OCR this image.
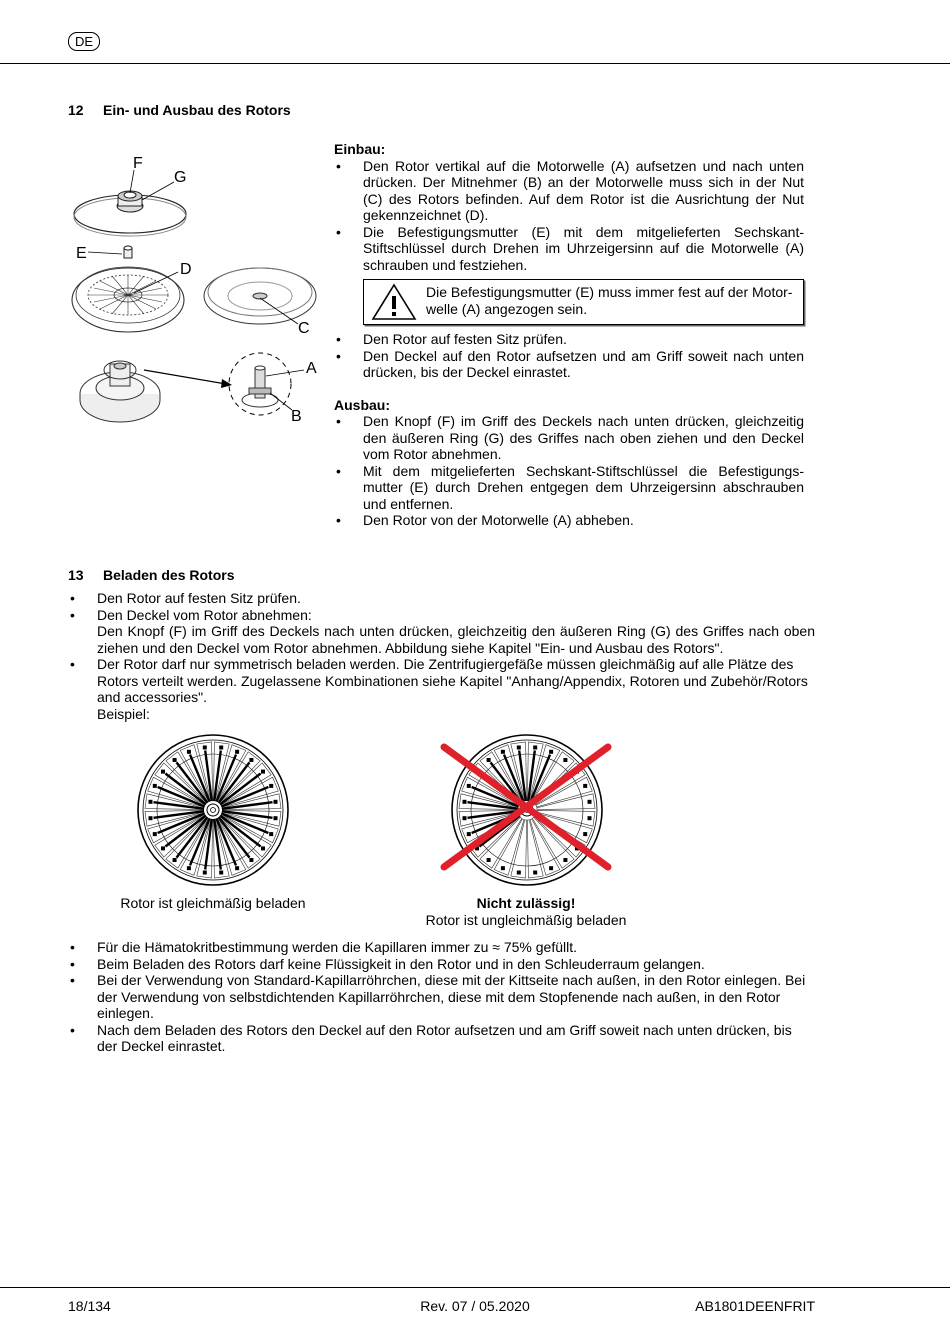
DE
12 Ein- und Ausbau des Rotors
F
G
E
D
C
A
B

Einbau:

• Den Rotor vertikal auf die Motorwelle (A) aufsetzen und nach unten drücken. Der Mitnehmer (B) an der Motorwelle muss sich in der Nut (C) des Rotors befinden. Auf dem Rotor ist die Ausrichtung der Nut gekennzeichnet (D).
• Die Befestigungsmutter (E) mit dem mitgelieferten Sechskant-Stiftschlüssel durch Drehen im Uhrzeigersinn auf die Motorwelle (A) schrauben und festziehen.
Die Befestigungsmutter (E) muss immer fest auf der Motor-welle (A) angezogen sein.
• Den Rotor auf festen Sitz prüfen.
• Den Deckel auf den Rotor aufsetzen und am Griff soweit nach unten drücken, bis der Deckel einrastet.

Ausbau:

• Den Knopf (F) im Griff des Deckels nach unten drücken, gleichzeitig den äußeren Ring (G) des Griffes nach oben ziehen und den Deckel vom Rotor abnehmen.
• Mit dem mitgelieferten Sechskant-Stiftschlüssel die Befestigungs-mutter (E) durch Drehen entgegen dem Uhrzeigersinn abschrauben und entfernen.
• Den Rotor von der Motorwelle (A) abheben.
13 Beladen des Rotors
• Den Rotor auf festen Sitz prüfen.
• Den Deckel vom Rotor abnehmen:
Den Knopf (F) im Griff des Deckels nach unten drücken, gleichzeitig den äußeren Ring (G) des Griffes nach oben ziehen und den Deckel vom Rotor abnehmen. Abbildung siehe Kapitel "Ein- und Ausbau des Rotors".
• Der Rotor darf nur symmetrisch beladen werden. Die Zentrifugiergefäße müssen gleichmäßig auf alle Plätze des Rotors verteilt werden. Zugelassene Kombinationen siehe Kapitel "Anhang/Appendix, Rotoren und Zubehör/Rotors and accessories".
Beispiel:
Rotor ist gleichmäßig beladen	Nicht zulässig!
Rotor ist ungleichmäßig beladen
• Für die Hämatokritbestimmung werden die Kapillaren immer zu ≈ 75% gefüllt.
• Beim Beladen des Rotors darf keine Flüssigkeit in den Rotor und in den Schleuderraum gelangen.
• Bei der Verwendung von Standard-Kapillarröhrchen, diese mit der Kittseite nach außen, in den Rotor einlegen. Bei der Verwendung von selbstdichtenden Kapillarröhrchen, diese mit dem Stopfenende nach außen, in den Rotor einlegen.
• Nach dem Beladen des Rotors den Deckel auf den Rotor aufsetzen und am Griff soweit nach unten drücken, bis der Deckel einrastet.
18/134	Rev. 07 / 05.2020	AB1801DEENFRIT
